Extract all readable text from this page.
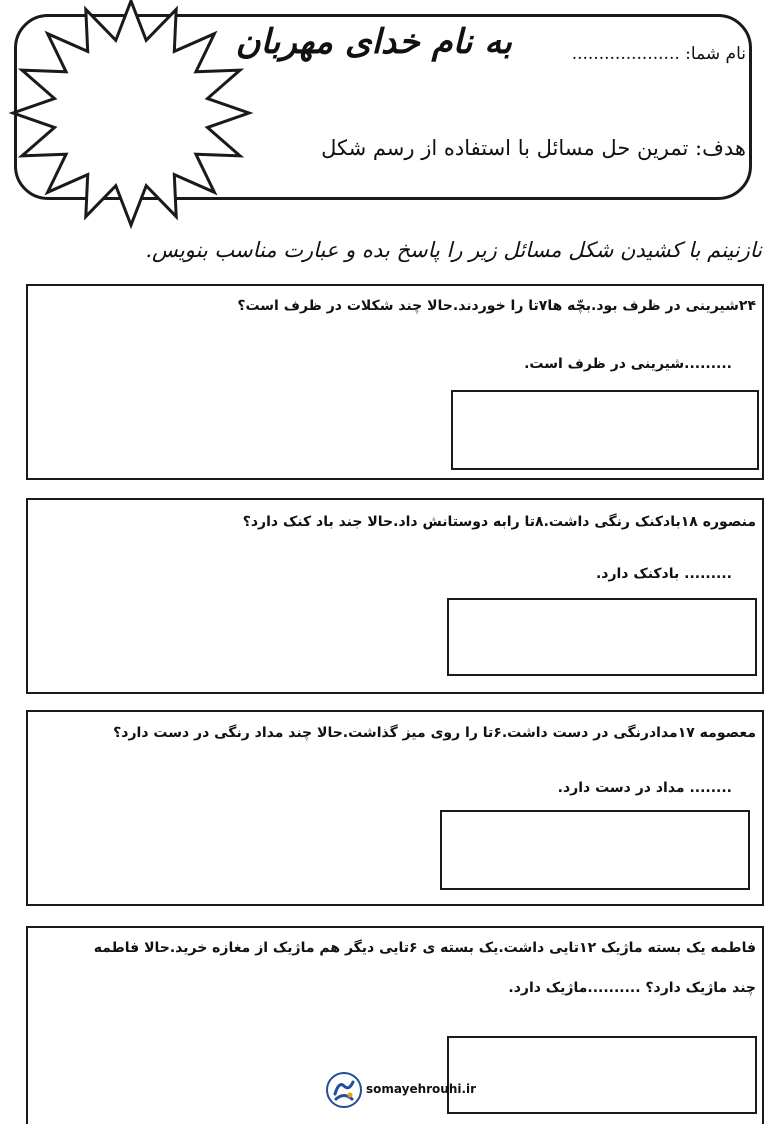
نام شما: ....................
به نام خدای مهربان
هدف: تمرین حل مسائل با استفاده از رسم شکل
نازنینم با کشیدن شکل مسائل زیر را پاسخ بده و عبارت مناسب بنویس.
۲۴شیرینی در ظرف بود.بچّه ها۷تا را خوردند.حالا چند شکلات در ظرف است؟
.........شیرینی در ظرف است.
منصوره ۱۸بادکنک رنگی داشت.۸تا رابه دوستانش داد.حالا جند باد کنک دارد؟
......... بادکنک دارد.
معصومه ۱۷مدادرنگی در دست داشت.۶تا را روی میز گذاشت.حالا چند مداد رنگی در دست دارد؟
........ مداد در دست دارد.
فاطمه یک بسته ماژیک ۱۲تایی داشت.یک بسته ی ۶تایی دیگر هم ماژیک از مغازه خرید.حالا فاطمه چند ماژیک دارد؟ ..........ماژیک دارد.
somayehrouhi.ir
